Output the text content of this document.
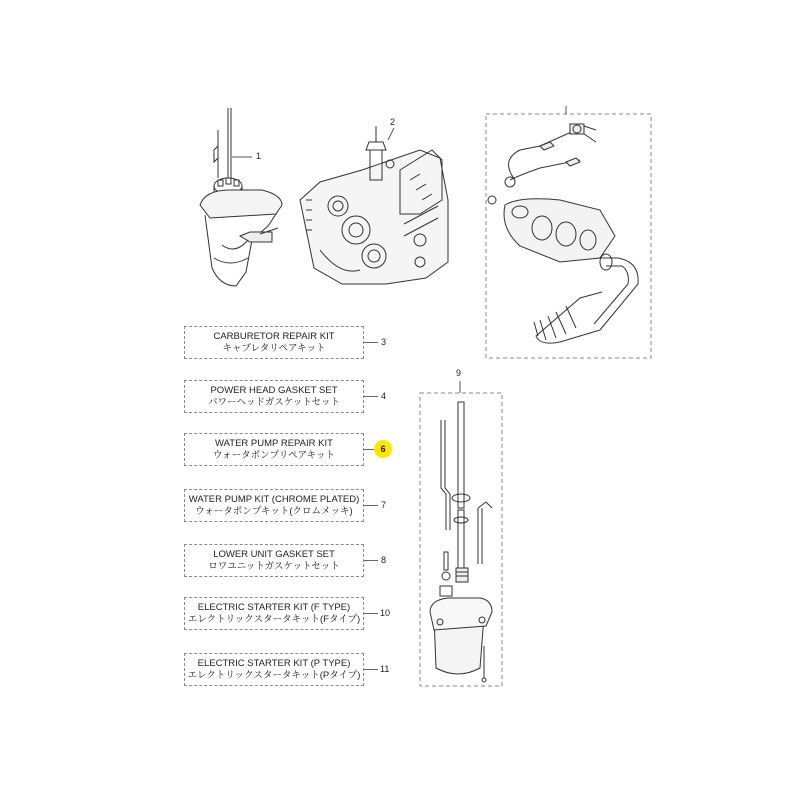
1
2
9
CARBURETOR REPAIR KIT
キャブレタリペアキット
3
POWER HEAD GASKET SET
パワーヘッドガスケットセット
4
WATER PUMP REPAIR KIT
ウォータポンプリペアキット
6
WATER PUMP KIT (CHROME PLATED)
ウォータポンプキット(クロムメッキ)
7
LOWER UNIT GASKET SET
ロワユニットガスケットセット
8
ELECTRIC STARTER KIT (F TYPE)
エレクトリックスタータキット(Fタイプ)
10
ELECTRIC STARTER KIT (P TYPE)
エレクトリックスタータキット(Pタイプ)
11
